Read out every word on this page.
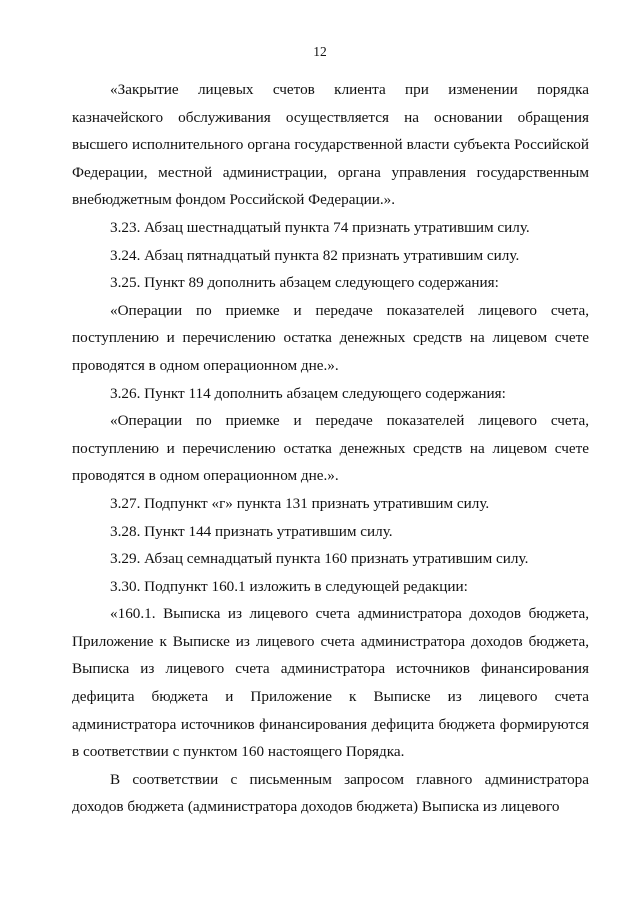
12

«Закрытие лицевых счетов клиента при изменении порядка казначейского обслуживания осуществляется на основании обращения высшего исполнительного органа государственной власти субъекта Российской Федерации, местной администрации, органа управления государственным внебюджетным фондом Российской Федерации.».

3.23. Абзац шестнадцатый пункта 74 признать утратившим силу.

3.24. Абзац пятнадцатый пункта 82 признать утратившим силу.

3.25. Пункт 89 дополнить абзацем следующего содержания:

«Операции по приемке и передаче показателей лицевого счета, поступлению и перечислению остатка денежных средств на лицевом счете проводятся в одном операционном дне.».

3.26. Пункт 114 дополнить абзацем следующего содержания:

«Операции по приемке и передаче показателей лицевого счета, поступлению и перечислению остатка денежных средств на лицевом счете проводятся в одном операционном дне.».

3.27. Подпункт «г» пункта 131 признать утратившим силу.

3.28. Пункт 144 признать утратившим силу.

3.29. Абзац семнадцатый пункта 160 признать утратившим силу.

3.30. Подпункт 160.1 изложить в следующей редакции:

«160.1. Выписка из лицевого счета администратора доходов бюджета, Приложение к Выписке из лицевого счета администратора доходов бюджета, Выписка из лицевого счета администратора источников финансирования дефицита бюджета и Приложение к Выписке из лицевого счета администратора источников финансирования дефицита бюджета формируются в соответствии с пунктом 160 настоящего Порядка.

В соответствии с письменным запросом главного администратора доходов бюджета (администратора доходов бюджета) Выписка из лицевого
